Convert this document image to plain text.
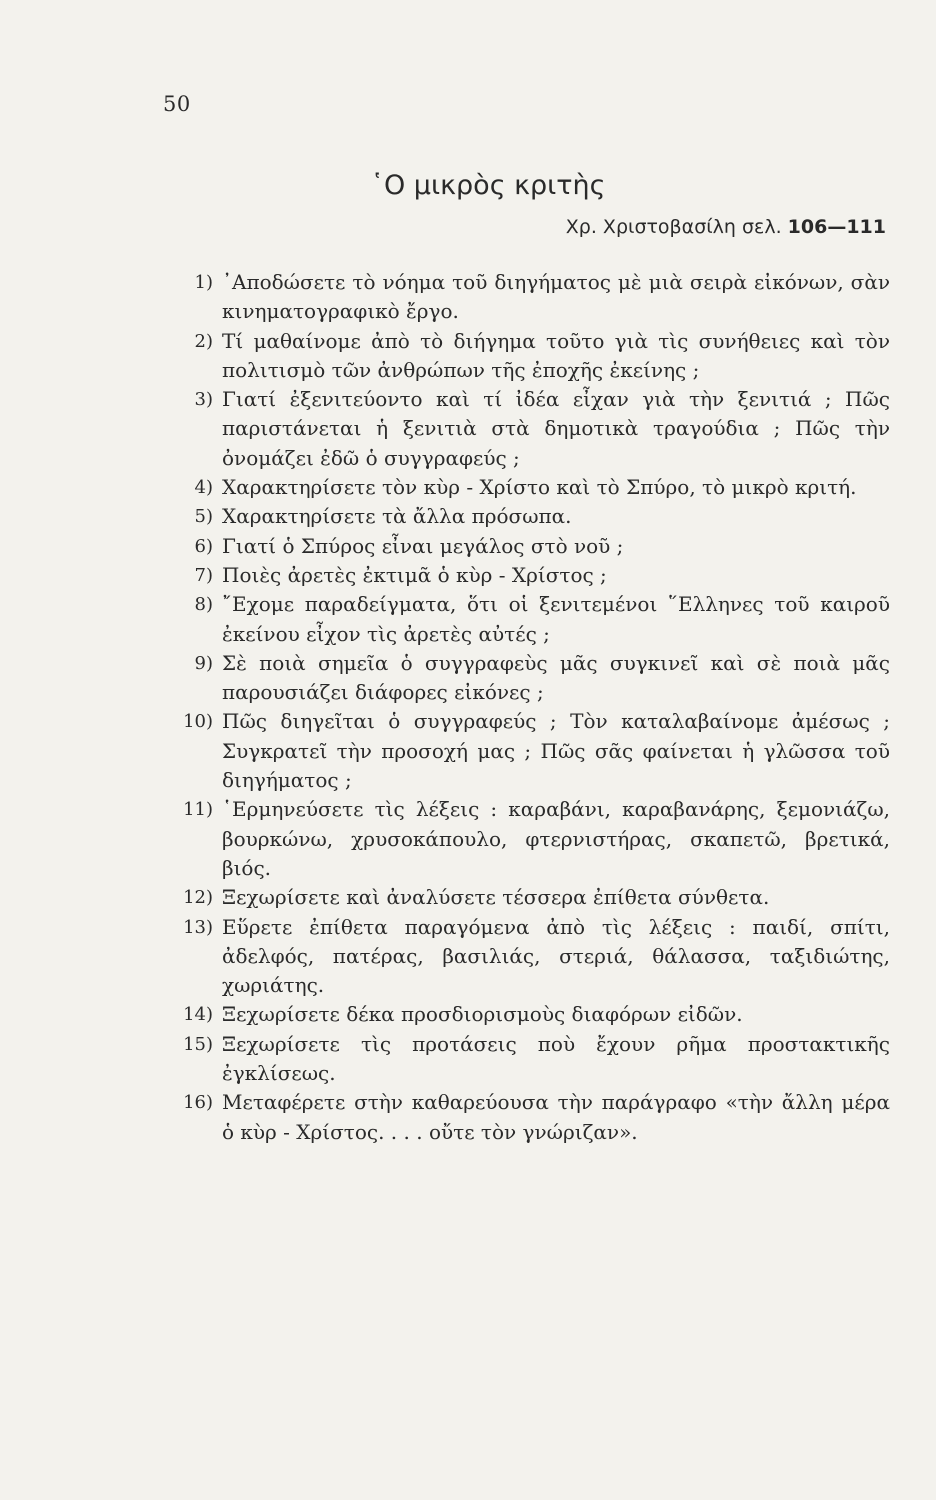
50
῾Ο μικρὸς κριτὴς
Χρ. Χριστοβασίλη σελ. 106—111
1) ᾿Αποδώσετε τὸ νόημα τοῦ διηγήματος μὲ μιὰ σειρὰ εἰκόνων, σὰν κινηματογραφικὸ ἔργο.
2) Τί μαθαίνομε ἀπὸ τὸ διήγημα τοῦτο γιὰ τὶς συνήθειες καὶ τὸν πολιτισμὸ τῶν ἀνθρώπων τῆς ἐποχῆς ἐκείνης ;
3) Γιατί ἐξενιτεύοντο καὶ τί ἰδέα εἶχαν γιὰ τὴν ξενιτιά ; Πῶς παριστάνεται ἡ ξενιτιὰ στὰ δημοτικὰ τραγούδια ; Πῶς τὴν ὀνομάζει ἐδῶ ὁ συγγραφεύς ;
4) Χαρακτηρίσετε τὸν κὺρ - Χρίστο καὶ τὸ Σπύρο, τὸ μικρὸ κριτή.
5) Χαρακτηρίσετε τὰ ἄλλα πρόσωπα.
6) Γιατί ὁ Σπύρος εἶναι μεγάλος στὸ νοῦ ;
7) Ποιὲς ἀρετὲς ἐκτιμᾶ ὁ κὺρ - Χρίστος ;
8) ῎Εχομε παραδείγματα, ὅτι οἱ ξενιτεμένοι ῞Ελληνες τοῦ καιροῦ ἐκείνου εἶχον τὶς ἀρετὲς αὐτές ;
9) Σὲ ποιὰ σημεῖα ὁ συγγραφεὺς μᾶς συγκινεῖ καὶ σὲ ποιὰ μᾶς παρουσιάζει διάφορες εἰκόνες ;
10) Πῶς διηγεῖται ὁ συγγραφεύς ; Τὸν καταλαβαίνομε ἀμέσως ; Συγκρατεῖ τὴν προσοχή μας ; Πῶς σᾶς φαίνεται ἡ γλῶσσα τοῦ διηγήματος ;
11) ῾Ερμηνεύσετε τὶς λέξεις : καραβάνι, καραβανάρης, ξεμονιάζω, βουρκώνω, χρυσοκάπουλο, φτερνιστήρας, σκαπετῶ, βρετικά, βιός.
12) Ξεχωρίσετε καὶ ἀναλύσετε τέσσερα ἐπίθετα σύνθετα.
13) Εὕρετε ἐπίθετα παραγόμενα ἀπὸ τὶς λέξεις : παιδί, σπίτι, ἀδελφός, πατέρας, βασιλιάς, στεριά, θάλασσα, ταξιδιώτης, χωριάτης.
14) Ξεχωρίσετε δέκα προσδιορισμοὺς διαφόρων εἰδῶν.
15) Ξεχωρίσετε τὶς προτάσεις ποὺ ἔχουν ρῆμα προστακτικῆς ἐγκλίσεως.
16) Μεταφέρετε στὴν καθαρεύουσα τὴν παράγραφο «τὴν ἄλλη μέρα ὁ κὺρ - Χρίστος. . . . οὔτε τὸν γνώριζαν».
